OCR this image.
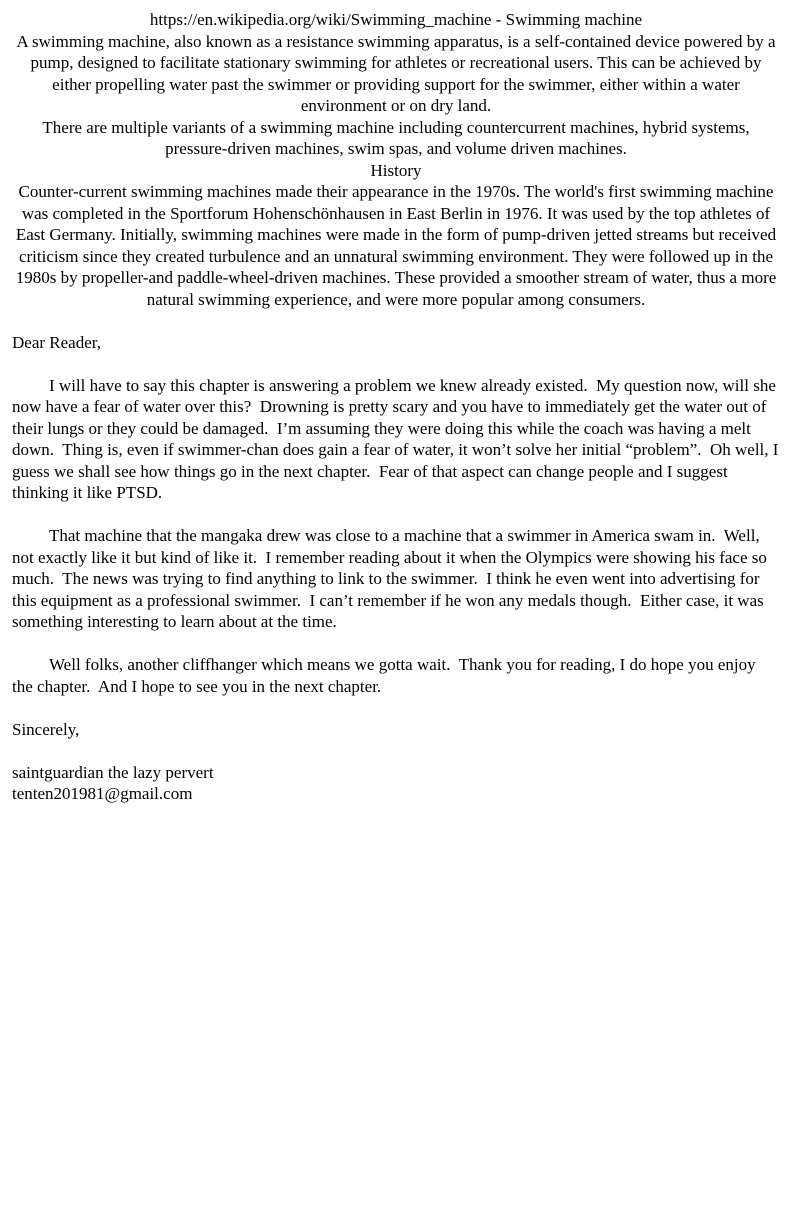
https://en.wikipedia.org/wiki/Swimming_machine - Swimming machine

A swimming machine, also known as a resistance swimming apparatus, is a self-contained device powered by a pump, designed to facilitate stationary swimming for athletes or recreational users. This can be achieved by either propelling water past the swimmer or providing support for the swimmer, either within a water environment or on dry land.

There are multiple variants of a swimming machine including countercurrent machines, hybrid systems, pressure-driven machines, swim spas, and volume driven machines.

History

Counter-current swimming machines made their appearance in the 1970s. The world's first swimming machine was completed in the Sportforum Hohenschönhausen in East Berlin in 1976. It was used by the top athletes of East Germany. Initially, swimming machines were made in the form of pump-driven jetted streams but received criticism since they created turbulence and an unnatural swimming environment. They were followed up in the 1980s by propeller-and paddle-wheel-driven machines. These provided a smoother stream of water, thus a more natural swimming experience, and were more popular among consumers.

Dear Reader,

I will have to say this chapter is answering a problem we knew already existed.  My question now, will she now have a fear of water over this?  Drowning is pretty scary and you have to immediately get the water out of their lungs or they could be damaged.  I’m assuming they were doing this while the coach was having a melt down.  Thing is, even if swimmer-chan does gain a fear of water, it won’t solve her initial “problem”.  Oh well, I guess we shall see how things go in the next chapter.  Fear of that aspect can change people and I suggest thinking it like PTSD.

That machine that the mangaka drew was close to a machine that a swimmer in America swam in.  Well, not exactly like it but kind of like it.  I remember reading about it when the Olympics were showing his face so much.  The news was trying to find anything to link to the swimmer.  I think he even went into advertising for this equipment as a professional swimmer.  I can’t remember if he won any medals though.  Either case, it was something interesting to learn about at the time.

Well folks, another cliffhanger which means we gotta wait.  Thank you for reading, I do hope you enjoy the chapter.  And I hope to see you in the next chapter.

Sincerely,

saintguardian the lazy pervert

tenten201981@gmail.com
